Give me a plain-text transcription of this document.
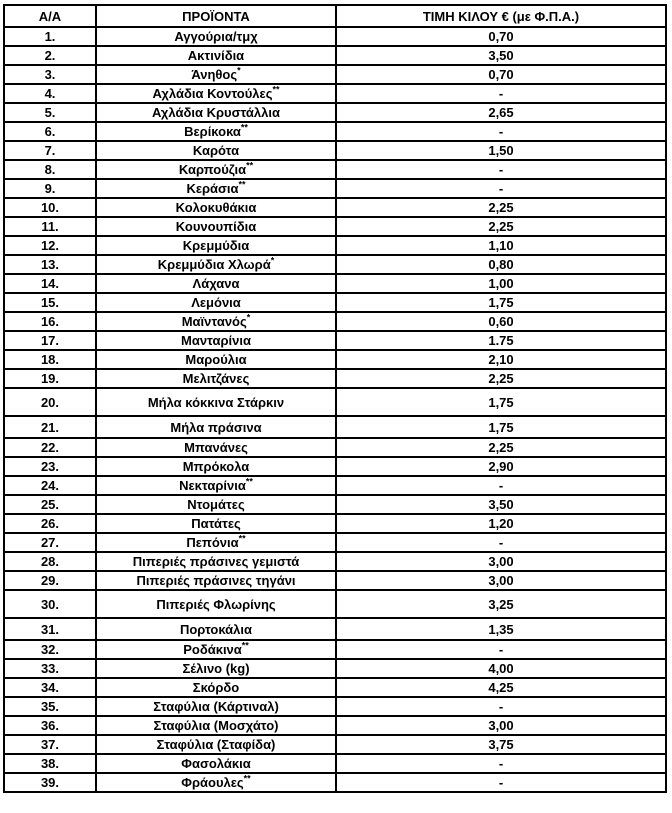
Α/Α	ΠΡΟΪΟΝΤΑ	ΤΙΜΗ ΚΙΛΟΥ € (με Φ.Π.Α.)
1.	Αγγούρια/τμχ	0,70
2.	Ακτινίδια	3,50
3.	Άνηθος*	0,70
4.	Αχλάδια Κοντούλες**	-
5.	Αχλάδια Κρυστάλλια	2,65
6.	Βερίκοκα**	-
7.	Καρότα	1,50
8.	Καρπούζια**	-
9.	Κεράσια**	-
10.	Κολοκυθάκια	2,25
11.	Κουνουπίδια	2,25
12.	Κρεμμύδια	1,10
13.	Κρεμμύδια Χλωρά*	0,80
14.	Λάχανα	1,00
15.	Λεμόνια	1,75
16.	Μαϊντανός*	0,60
17.	Μανταρίνια	1.75
18.	Μαρούλια	2,10
19.	Μελιτζάνες	2,25
20.	Μήλα κόκκινα Στάρκιν	1,75
21.	Μήλα πράσινα	1,75
22.	Μπανάνες	2,25
23.	Μπρόκολα	2,90
24.	Νεκταρίνια**	-
25.	Ντομάτες	3,50
26.	Πατάτες	1,20
27.	Πεπόνια**	-
28.	Πιπεριές πράσινες γεμιστά	3,00
29.	Πιπεριές πράσινες τηγάνι	3,00
30.	Πιπεριές Φλωρίνης	3,25
31.	Πορτοκάλια	1,35
32.	Ροδάκινα**	-
33.	Σέλινο (kg)	4,00
34.	Σκόρδο	4,25
35.	Σταφύλια (Κάρτιναλ)	-
36.	Σταφύλια (Μοσχάτο)	3,00
37.	Σταφύλια (Σταφίδα)	3,75
38.	Φασολάκια	-
39.	Φράουλες**	-
